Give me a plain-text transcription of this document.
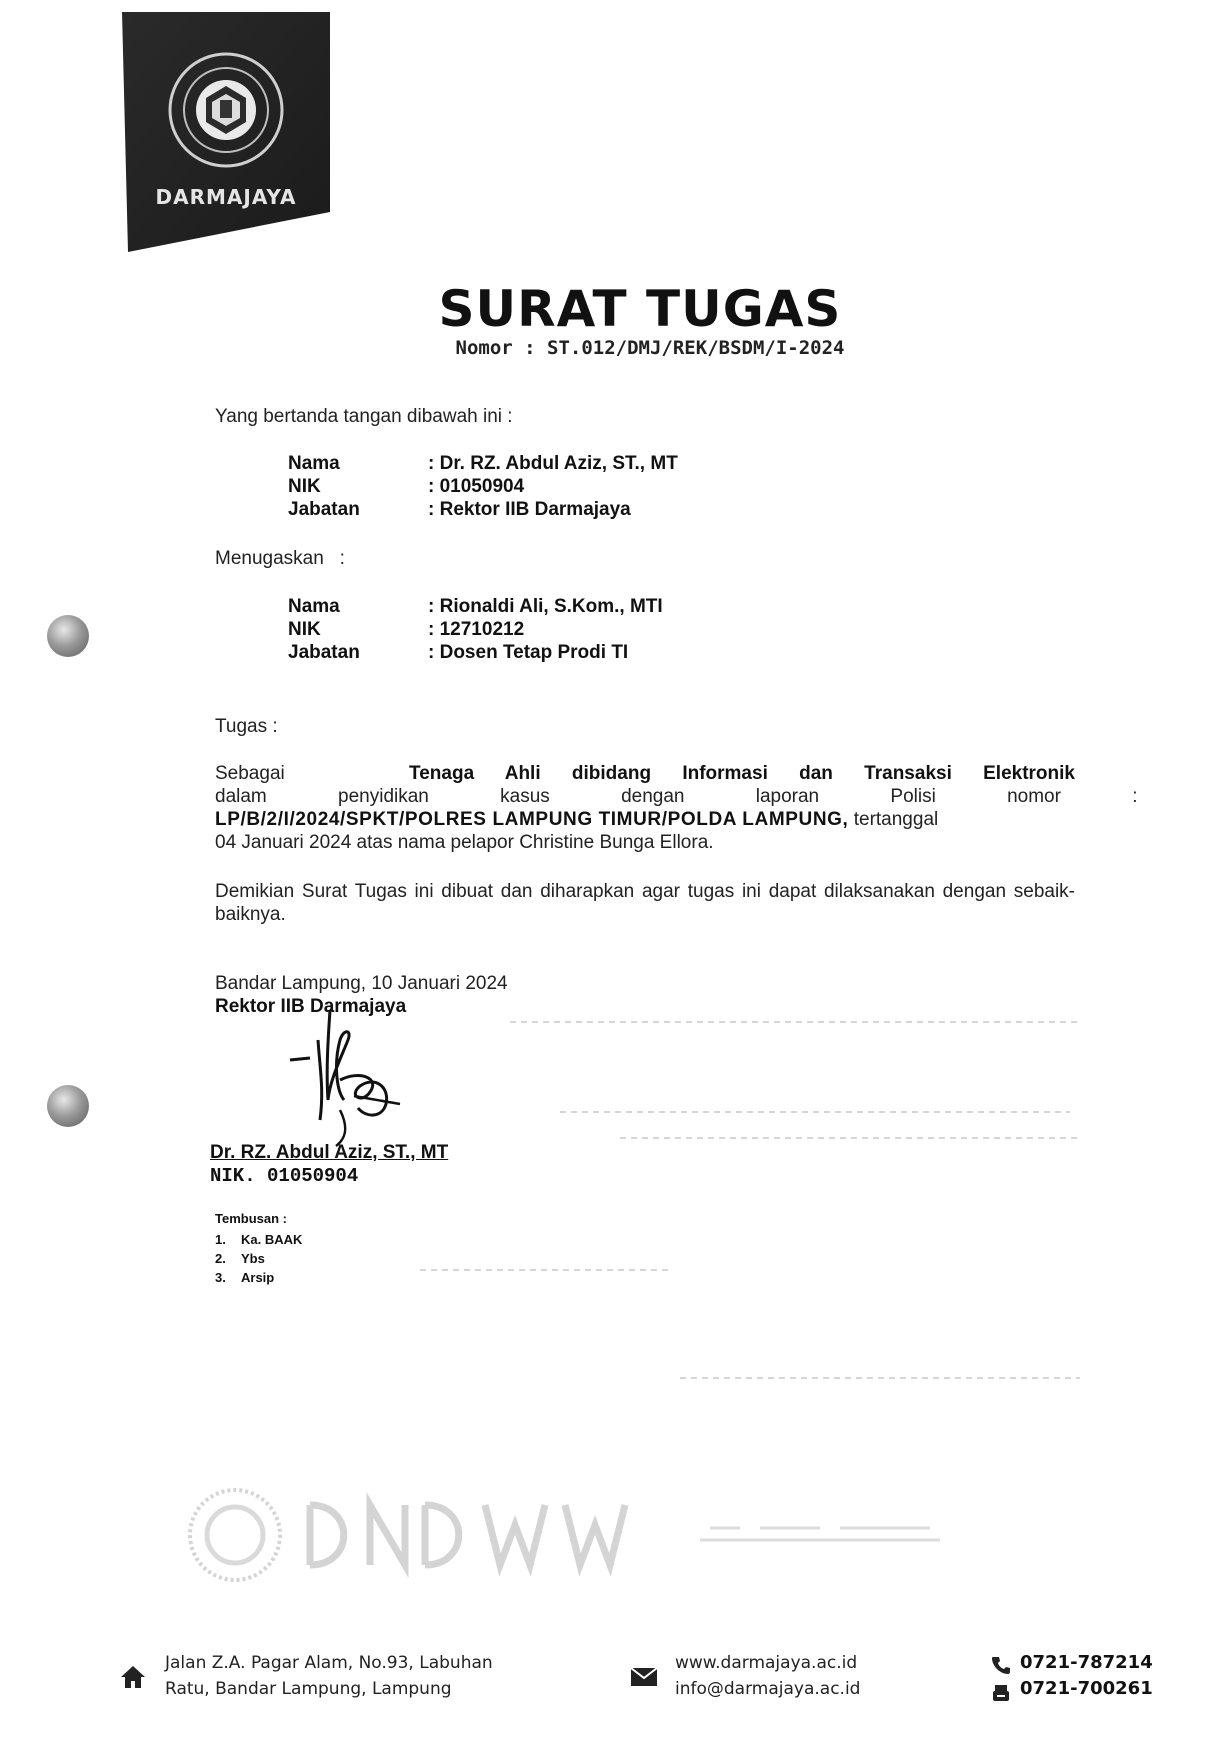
DARMAJAYA
SURAT TUGAS
Nomor : ST.012/DMJ/REK/BSDM/I-2024
Yang bertanda tangan dibawah ini :
Nama	: Dr. RZ. Abdul Aziz, ST., MT
NIK	: 01050904
Jabatan	: Rektor IIB Darmajaya
Menugaskan   :
Nama	: Rionaldi Ali, S.Kom., MTI
NIK	: 12710212
Jabatan	: Dosen Tetap Prodi TI
Tugas :
Sebagai	Tenaga Ahli dibidang Informasi dan Transaksi Elektronik
dalam penyidikan kasus dengan laporan Polisi nomor :
LP/B/2/I/2024/SPKT/POLRES LAMPUNG TIMUR/POLDA LAMPUNG, tertanggal
04 Januari 2024 atas nama pelapor Christine Bunga Ellora.
Demikian Surat Tugas ini dibuat dan diharapkan agar tugas ini dapat dilaksanakan dengan sebaik-baiknya.
Bandar Lampung, 10 Januari 2024
Rektor IIB Darmajaya
Dr. RZ. Abdul Aziz, ST., MT
NIK. 01050904
Tembusan :
1. Ka. BAAK
2. Ybs
3. Arsip
Jalan Z.A. Pagar Alam, No.93, Labuhan
Ratu, Bandar Lampung, Lampung
www.darmajaya.ac.id
info@darmajaya.ac.id
0721-787214
0721-700261
